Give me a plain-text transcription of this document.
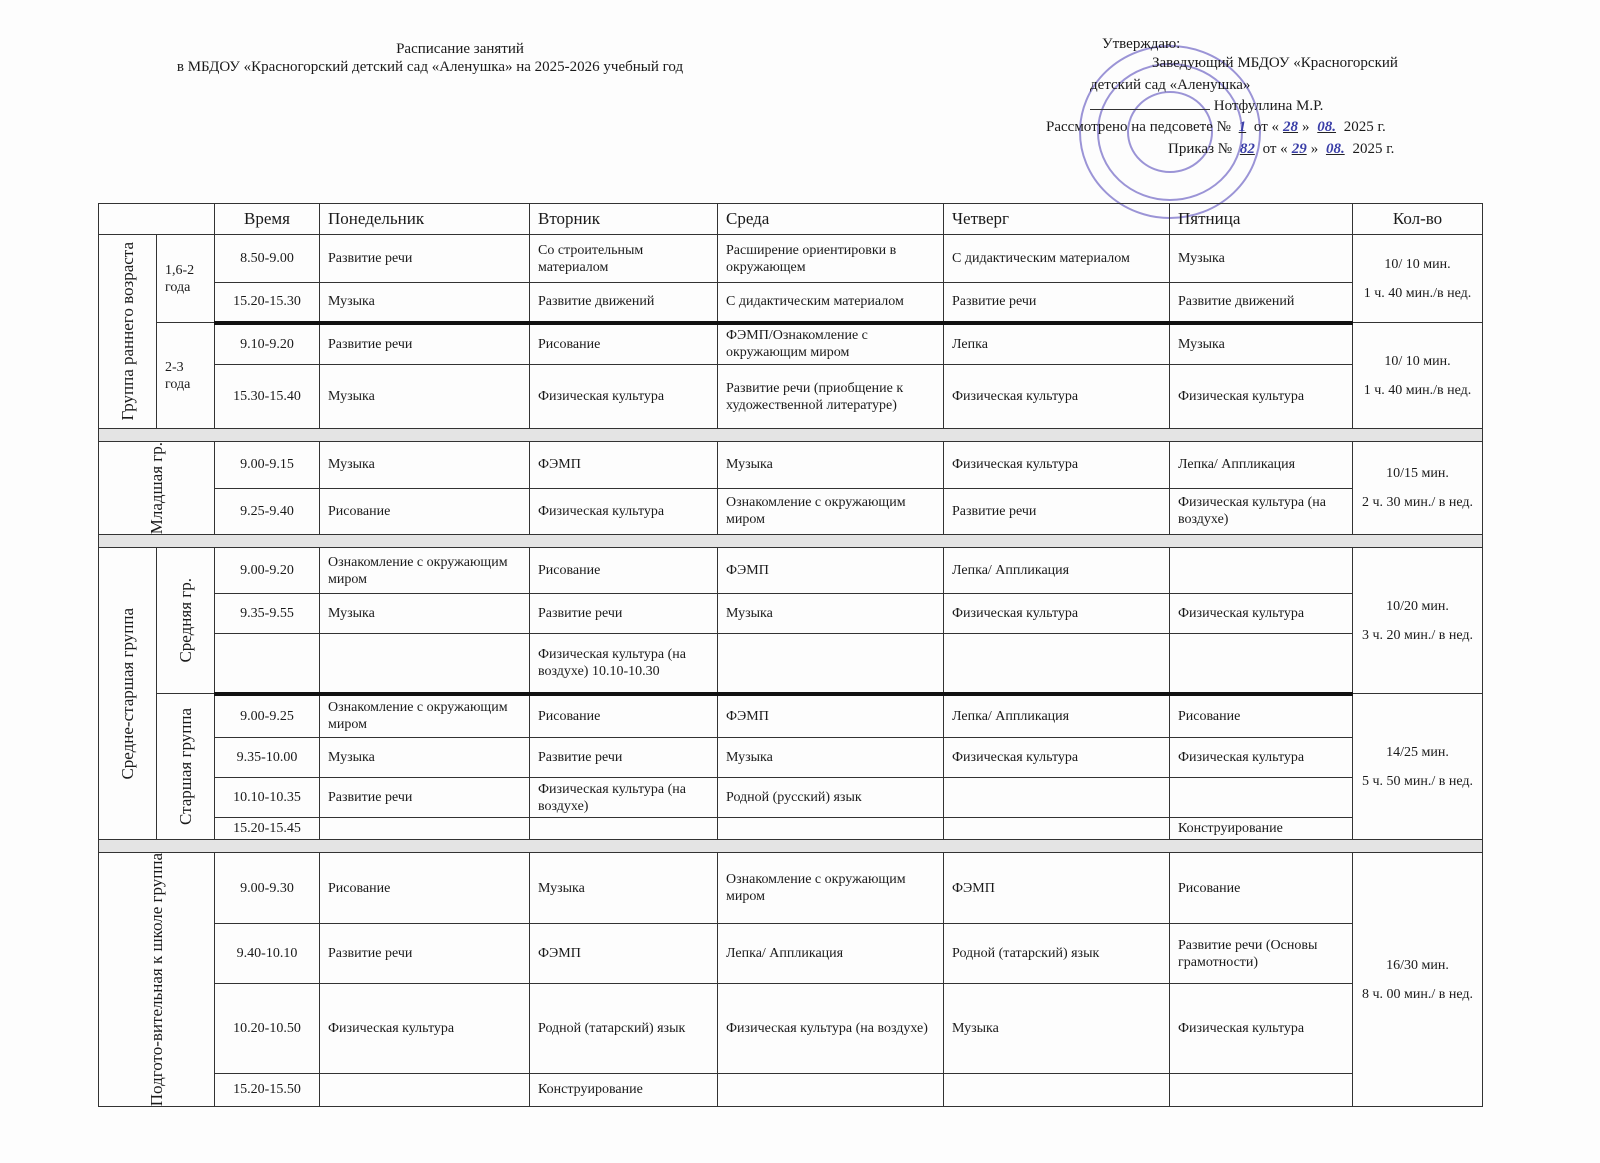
Расписание занятий
в МБДОУ «Красногорский детский сад «Аленушка» на 2025-2026 учебный год
Утверждаю:
Заведующий МБДОУ «Красногорский
детский сад «Аленушка»
Нотфуллина М.Р.
Рассмотрено на педсовете № 1 от « 28 » 08. 2025 г.
Приказ № 82 от « 29 » 08. 2025 г.
		Время	Понедельник	Вторник	Среда	Четверг	Пятница	Кол-во

Группа раннего возраста	1,6-2 года	8.50-9.00	Развитие речи	Со строительным материалом	Расширение ориентировки в окружающем	С дидактическим материалом	Музыка	10/ 10 мин.
1 ч. 40 мин./в нед.

		15.20-15.30	Музыка	Развитие движений	С дидактическим материалом	Развитие речи	Развитие движений	
	2-3 года	9.10-9.20	Развитие речи	Рисование	ФЭМП/Ознакомление с окружающим миром	Лепка	Музыка	10/ 10 мин.
1 ч. 40 мин./в нед.

		15.30-15.40	Музыка	Физическая культура	Развитие речи (приобщение к художественной литературе)	Физическая культура	Физическая культура	

Младшая гр.		9.00-9.15	Музыка	ФЭМП	Музыка	Физическая культура	Лепка/ Аппликация	10/15 мин.
2 ч. 30 мин./ в нед.

		9.25-9.40	Рисование	Физическая культура	Ознакомление с окружающим миром	Развитие речи	Физическая культура (на воздухе)	

Средне-старшая группа	Средняя гр.	9.00-9.20	Ознакомление с окружающим миром	Рисование	ФЭМП	Лепка/ Аппликация		10/20 мин.
3 ч. 20 мин./ в нед.

		9.35-9.55	Музыка	Развитие речи	Музыка	Физическая культура	Физическая культура	
				Физическая культура (на воздухе) 10.10-10.30				

	Старшая группа	9.00-9.25	Ознакомление с окружающим миром	Рисование	ФЭМП	Лепка/ Аппликация	Рисование	14/25 мин.
5 ч. 50 мин./ в нед.

		9.35-10.00	Музыка	Развитие речи	Музыка	Физическая культура	Физическая культура	
		10.10-10.35	Развитие речи	Физическая культура (на воздухе)	Родной (русский) язык			
		15.20-15.45					Конструирование	

Подгото-вительная к школе группа		9.00-9.30	Рисование	Музыка	Ознакомление с окружающим миром	ФЭМП	Рисование	16/30 мин.
8 ч. 00 мин./ в нед.

		9.40-10.10	Развитие речи	ФЭМП	Лепка/ Аппликация	Родной (татарский) язык	Развитие речи (Основы грамотности)	
		10.20-10.50	Физическая культура	Родной (татарский) язык	Физическая культура (на воздухе)	Музыка	Физическая культура	
		15.20-15.50		Конструирование				
